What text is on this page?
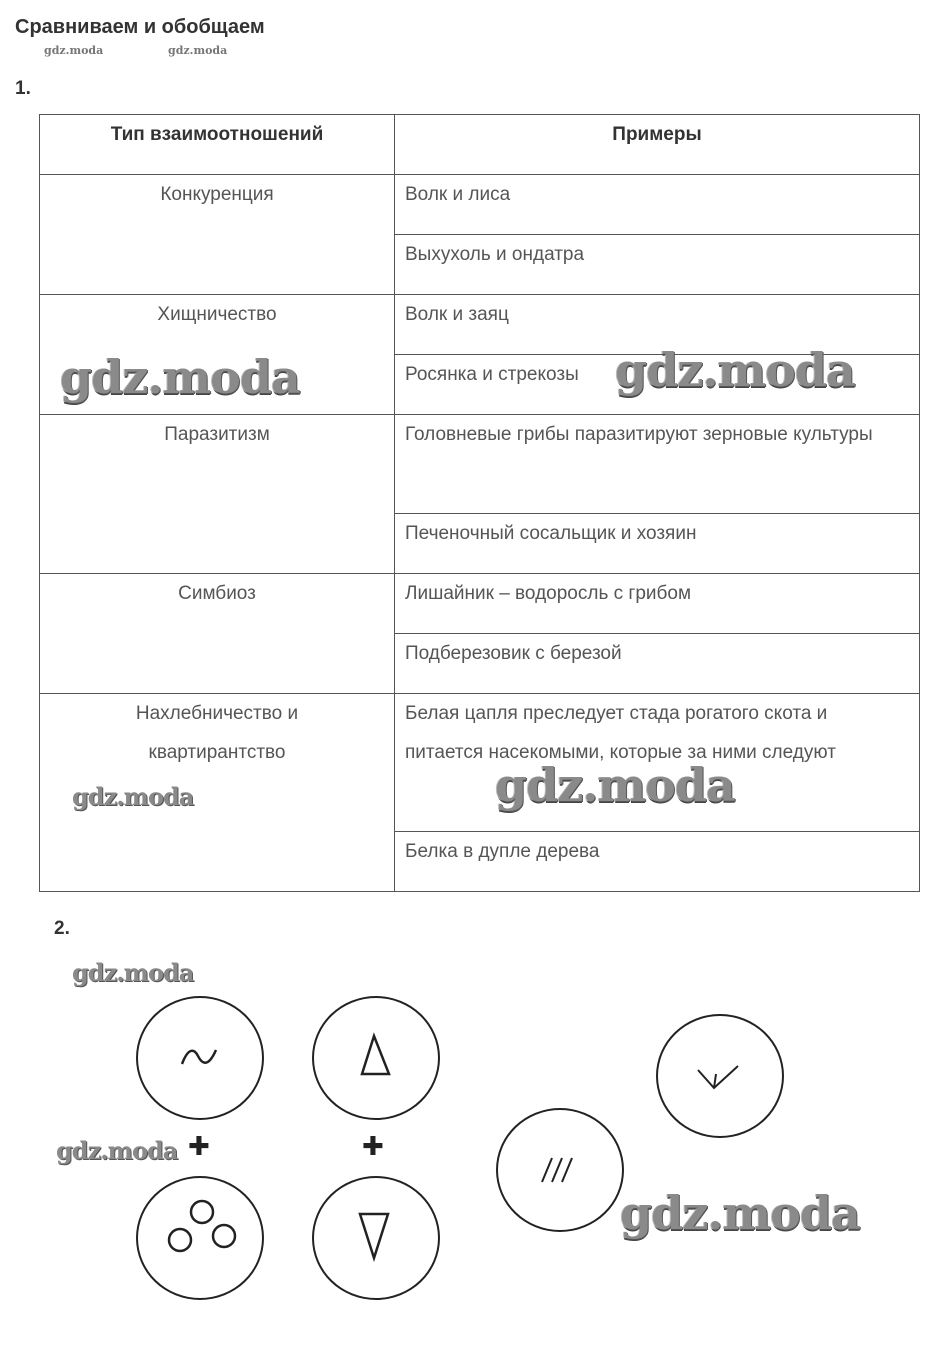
Сравниваем и обобщаем
gdz.moda	gdz.moda
1.
Тип взаимоотношений	Примеры
Конкуренция	Волк и лиса
	Выхухоль и ондатра
Хищничество	Волк и заяц
	Росянка и стрекозы
Паразитизм	Головневые грибы паразитируют зерновые культуры
	Печеночный сосальщик и хозяин
Симбиоз	Лишайник – водоросль с грибом
	Подберезовик с березой
Нахлебничество и квартирантство	Белая цапля преследует стада рогатого скота и питается насекомыми, которые за ними следуют
	Белка в дупле дерева
gdz.moda	gdz.moda
gdz.moda	gdz.moda
2.
gdz.moda
✚	✚
gdz.moda
gdz.moda
